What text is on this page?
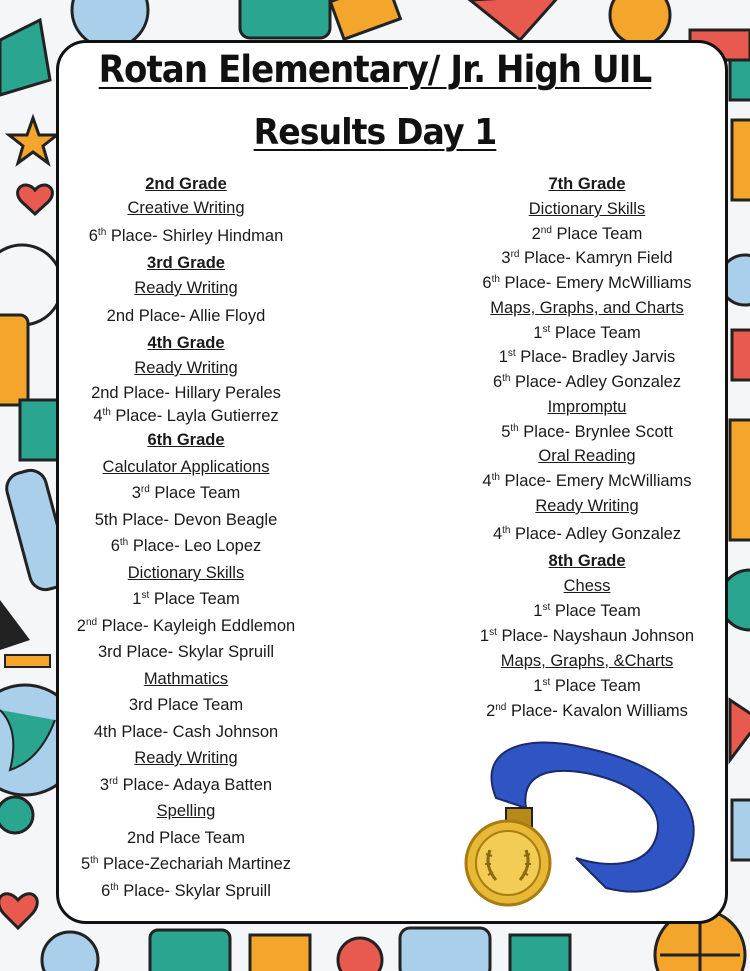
Rotan Elementary/ Jr. High UIL
Results Day 1
2nd Grade
Creative Writing
6th Place- Shirley Hindman
3rd Grade
Ready Writing
2nd Place- Allie Floyd
4th Grade
Ready Writing
2nd Place- Hillary Perales
4th Place- Layla Gutierrez
6th Grade
Calculator Applications
3rd Place Team
5th Place- Devon Beagle
6th Place- Leo Lopez
Dictionary Skills
1st Place Team
2nd Place- Kayleigh Eddlemon
3rd Place- Skylar Spruill
Mathmatics
3rd Place Team
4th Place- Cash Johnson
Ready Writing
3rd Place- Adaya Batten
Spelling
2nd Place Team
5th Place-Zechariah Martinez
6th Place- Skylar Spruill
7th Grade
Dictionary Skills
2nd Place Team
3rd Place- Kamryn Field
6th Place- Emery McWilliams
Maps, Graphs, and Charts
1st Place Team
1st Place- Bradley Jarvis
6th Place- Adley Gonzalez
Impromptu
5th Place- Brynlee Scott
Oral Reading
4th Place- Emery McWilliams
Ready Writing
4th Place- Adley Gonzalez
8th Grade
Chess
1st Place Team
1st Place- Nayshaun Johnson
Maps, Graphs, &Charts
1st Place Team
2nd Place- Kavalon Williams
